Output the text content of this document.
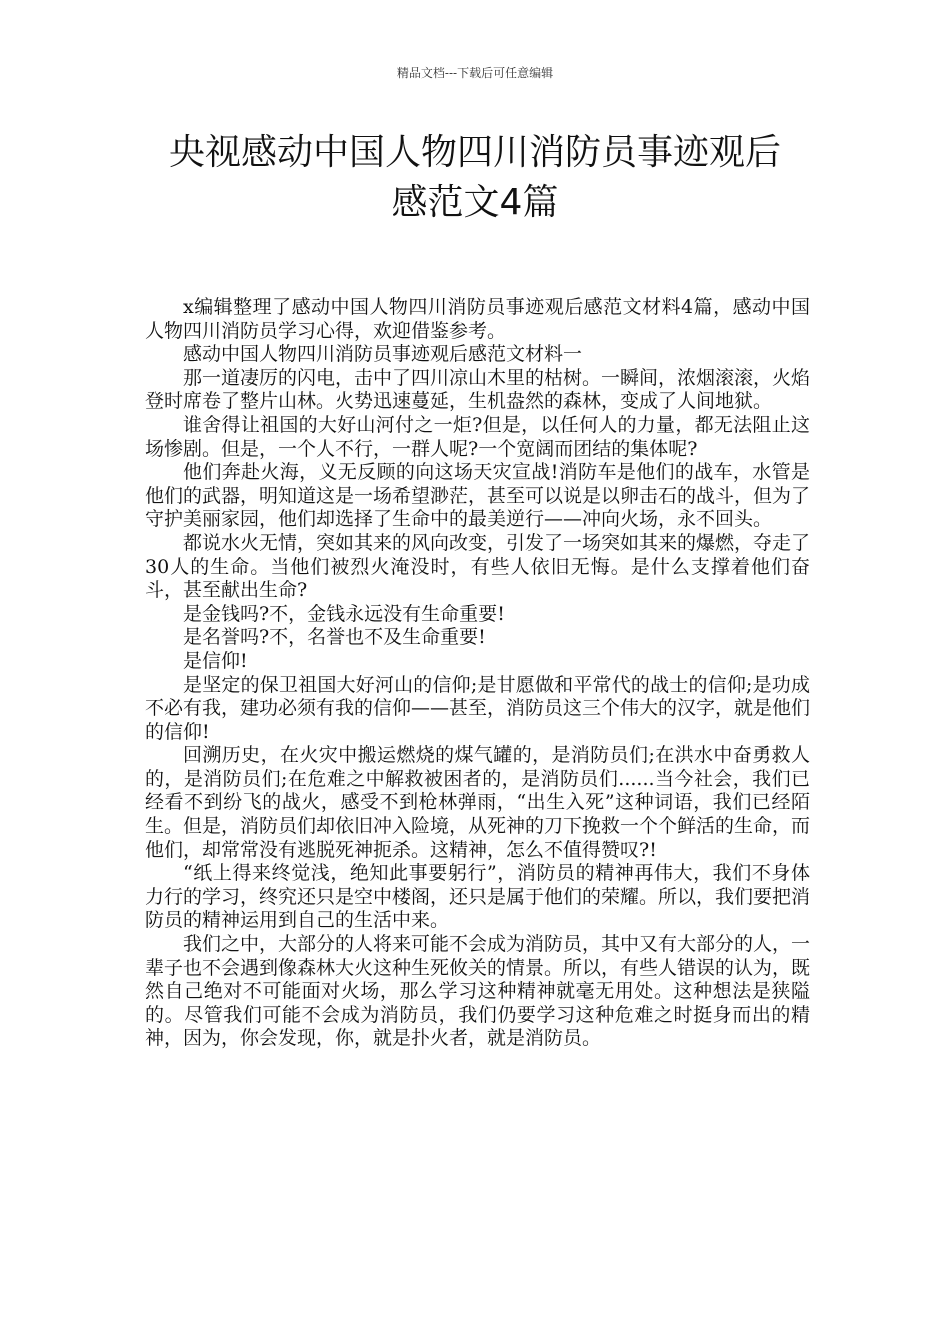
精品文档---下载后可任意编辑
央视感动中国人物四川消防员事迹观后
感范文4篇

x编辑整理了感动中国人物四川消防员事迹观后感范文材料4篇，感动中国人物四川消防员学习心得，欢迎借鉴参考。

感动中国人物四川消防员事迹观后感范文材料一

那一道凄厉的闪电，击中了四川凉山木里的枯树。一瞬间，浓烟滚滚，火焰登时席卷了整片山林。火势迅速蔓延，生机盎然的森林，变成了人间地狱。

谁舍得让祖国的大好山河付之一炬?但是，以任何人的力量，都无法阻止这场惨剧。但是，一个人不行，一群人呢?一个宽阔而团结的集体呢?

他们奔赴火海，义无反顾的向这场天灾宣战!消防车是他们的战车，水管是他们的武器，明知道这是一场希望渺茫，甚至可以说是以卵击石的战斗，但为了守护美丽家园，他们却选择了生命中的最美逆行——冲向火场，永不回头。

都说水火无情，突如其来的风向改变，引发了一场突如其来的爆燃，夺走了30人的生命。当他们被烈火淹没时，有些人依旧无悔。是什么支撑着他们奋斗，甚至献出生命?

是金钱吗?不，金钱永远没有生命重要!

是名誉吗?不，名誉也不及生命重要!

是信仰!

是坚定的保卫祖国大好河山的信仰;是甘愿做和平常代的战士的信仰;是功成不必有我，建功必须有我的信仰——甚至，消防员这三个伟大的汉字，就是他们的信仰!

回溯历史，在火灾中搬运燃烧的煤气罐的，是消防员们;在洪水中奋勇救人的，是消防员们;在危难之中解救被困者的，是消防员们......当今社会，我们已经看不到纷飞的战火，感受不到枪林弹雨，“出生入死”这种词语，我们已经陌生。但是，消防员们却依旧冲入险境，从死神的刀下挽救一个个鲜活的生命，而他们，却常常没有逃脱死神扼杀。这精神，怎么不值得赞叹?!

“纸上得来终觉浅，绝知此事要躬行”，消防员的精神再伟大，我们不身体力行的学习，终究还只是空中楼阁，还只是属于他们的荣耀。所以，我们要把消防员的精神运用到自己的生活中来。

我们之中，大部分的人将来可能不会成为消防员，其中又有大部分的人，一辈子也不会遇到像森林大火这种生死攸关的情景。所以，有些人错误的认为，既然自己绝对不可能面对火场，那么学习这种精神就毫无用处。这种想法是狭隘的。尽管我们可能不会成为消防员，我们仍要学习这种危难之时挺身而出的精神，因为，你会发现，你，就是扑火者，就是消防员。
